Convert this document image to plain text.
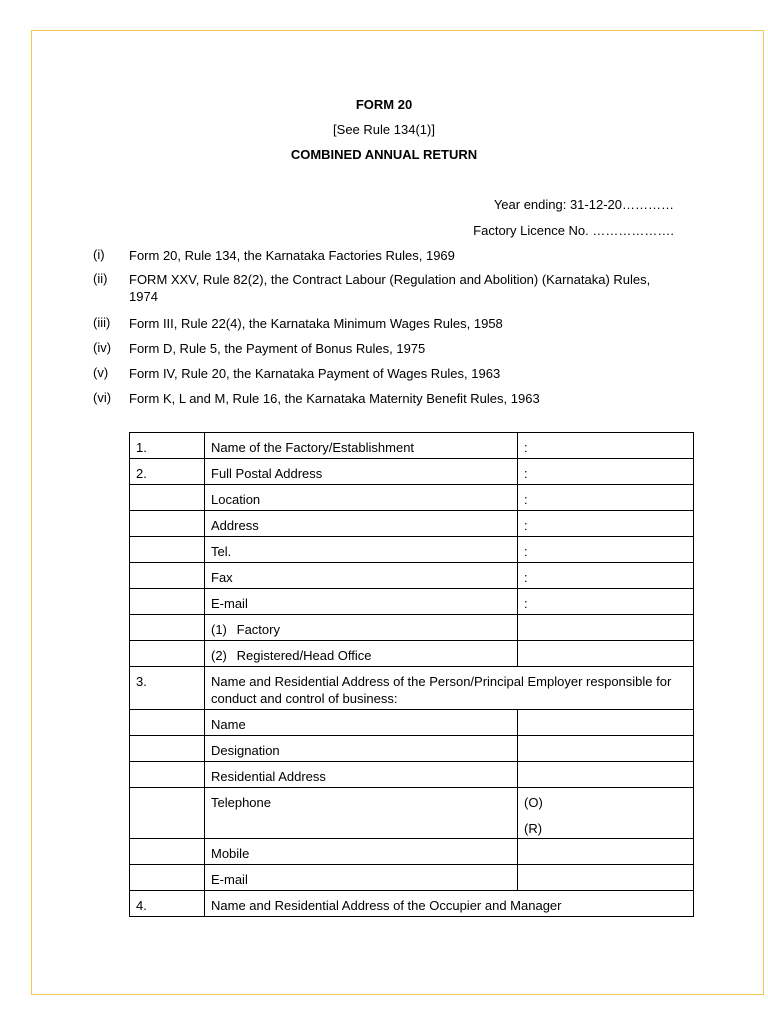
FORM 20
[See Rule 134(1)]
COMBINED ANNUAL RETURN
Year ending: 31-12-20…………
Factory Licence No. ……………….
(i) Form 20, Rule 134, the Karnataka Factories Rules, 1969
(ii) FORM XXV, Rule 82(2), the Contract Labour (Regulation and Abolition) (Karnataka) Rules, 1974
(iii) Form III, Rule 22(4), the Karnataka Minimum Wages Rules, 1958
(iv) Form D, Rule 5, the Payment of Bonus Rules, 1975
(v) Form IV, Rule 20, the Karnataka Payment of Wages Rules, 1963
(vi) Form K, L and M, Rule 16, the Karnataka Maternity Benefit Rules, 1963
1.	Name of the Factory/Establishment	:
2.	Full Postal Address	:
	Location	:
	Address	:
	Tel.	:
	Fax	:
	E-mail	:
	(1) Factory	
	(2) Registered/Head Office	
3.	Name and Residential Address of the Person/Principal Employer responsible for conduct and control of business:	
	Name	
	Designation	
	Residential Address	
	Telephone	(O)
(R)

	Mobile	
	E-mail	
4.	Name and Residential Address of the Occupier and Manager	
